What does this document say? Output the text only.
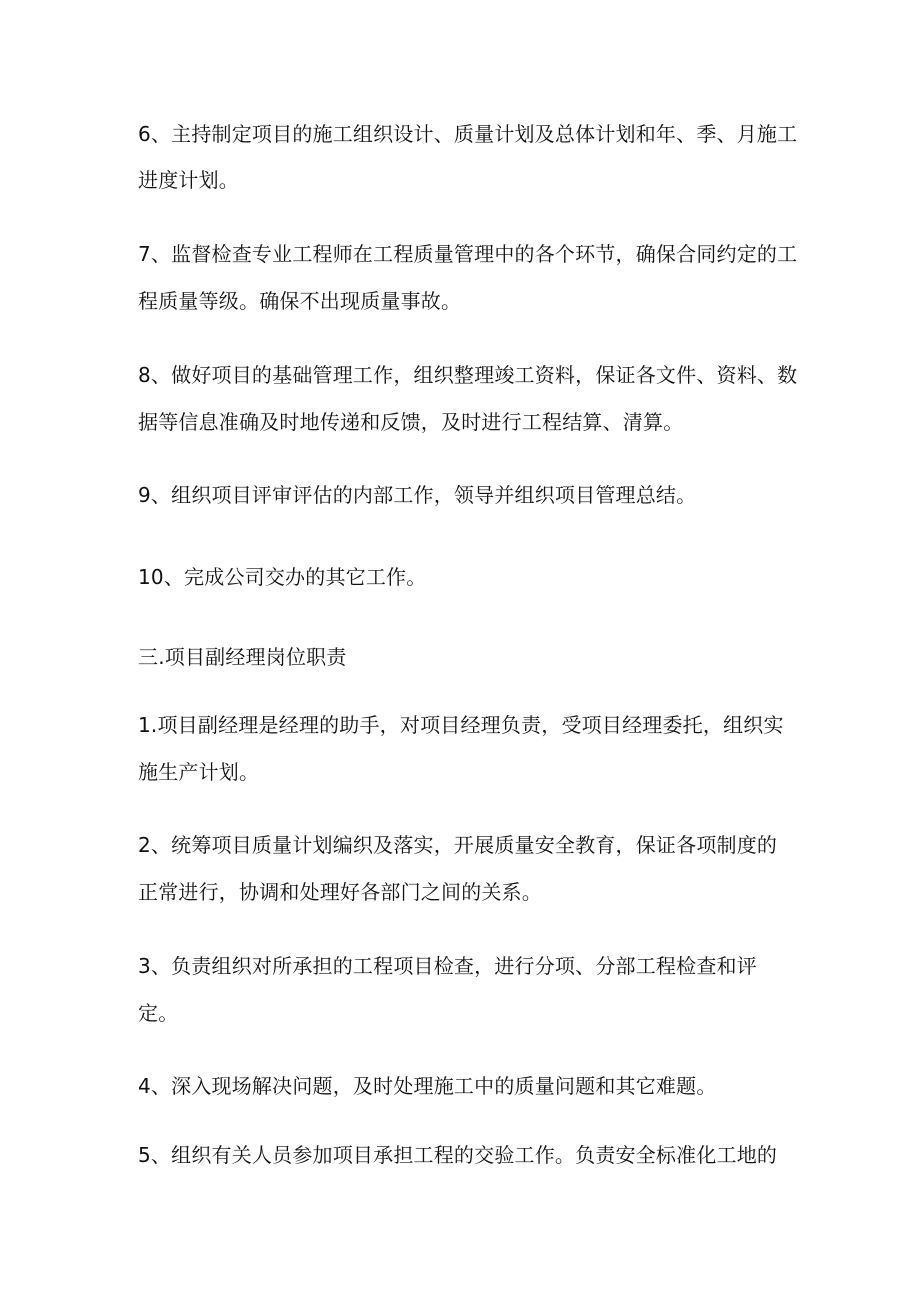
6、主持制定项目的施工组织设计、质量计划及总体计划和年、季、月施工
进度计划。
7、监督检查专业工程师在工程质量管理中的各个环节，确保合同约定的工
程质量等级。确保不出现质量事故。
8、做好项目的基础管理工作，组织整理竣工资料，保证各文件、资料、数
据等信息准确及时地传递和反馈，及时进行工程结算、清算。
9、组织项目评审评估的内部工作，领导并组织项目管理总结。
10、完成公司交办的其它工作。
三.项目副经理岗位职责
1.项目副经理是经理的助手，对项目经理负责，受项目经理委托，组织实
施生产计划。
2、统筹项目质量计划编织及落实，开展质量安全教育，保证各项制度的
正常进行，协调和处理好各部门之间的关系。
3、负责组织对所承担的工程项目检查，进行分项、分部工程检查和评
定。
4、深入现场解决问题，及时处理施工中的质量问题和其它难题。
5、组织有关人员参加项目承担工程的交验工作。负责安全标准化工地的
